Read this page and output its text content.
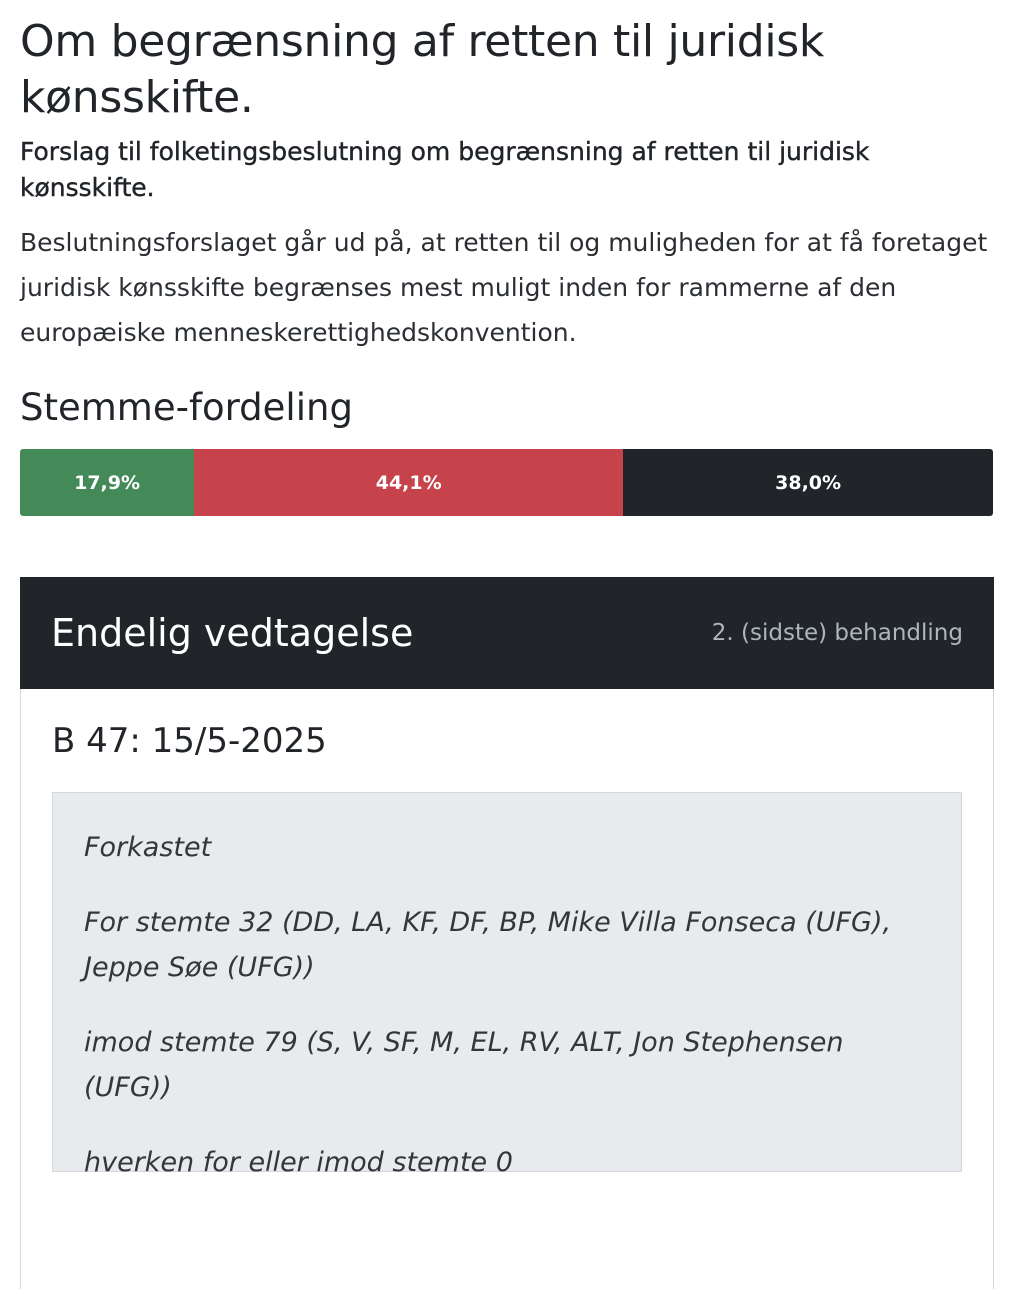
Om begrænsning af retten til juridisk kønsskifte.
Forslag til folketingsbeslutning om begrænsning af retten til juridisk kønsskifte.

Beslutningsforslaget går ud på, at retten til og muligheden for at få foretaget juridisk kønsskifte begrænses mest muligt inden for rammerne af den europæiske menneskerettighedskonvention.

Stemme-fordeling
17,9%	44,1%	38,0%
Endelig vedtagelse	2. (sidste) behandling
B 47: 15/5-2025

Forkastet

For stemte 32 (DD, LA, KF, DF, BP, Mike Villa Fonseca (UFG), Jeppe Søe (UFG))

imod stemte 79 (S, V, SF, M, EL, RV, ALT, Jon Stephensen (UFG))

hverken for eller imod stemte 0
